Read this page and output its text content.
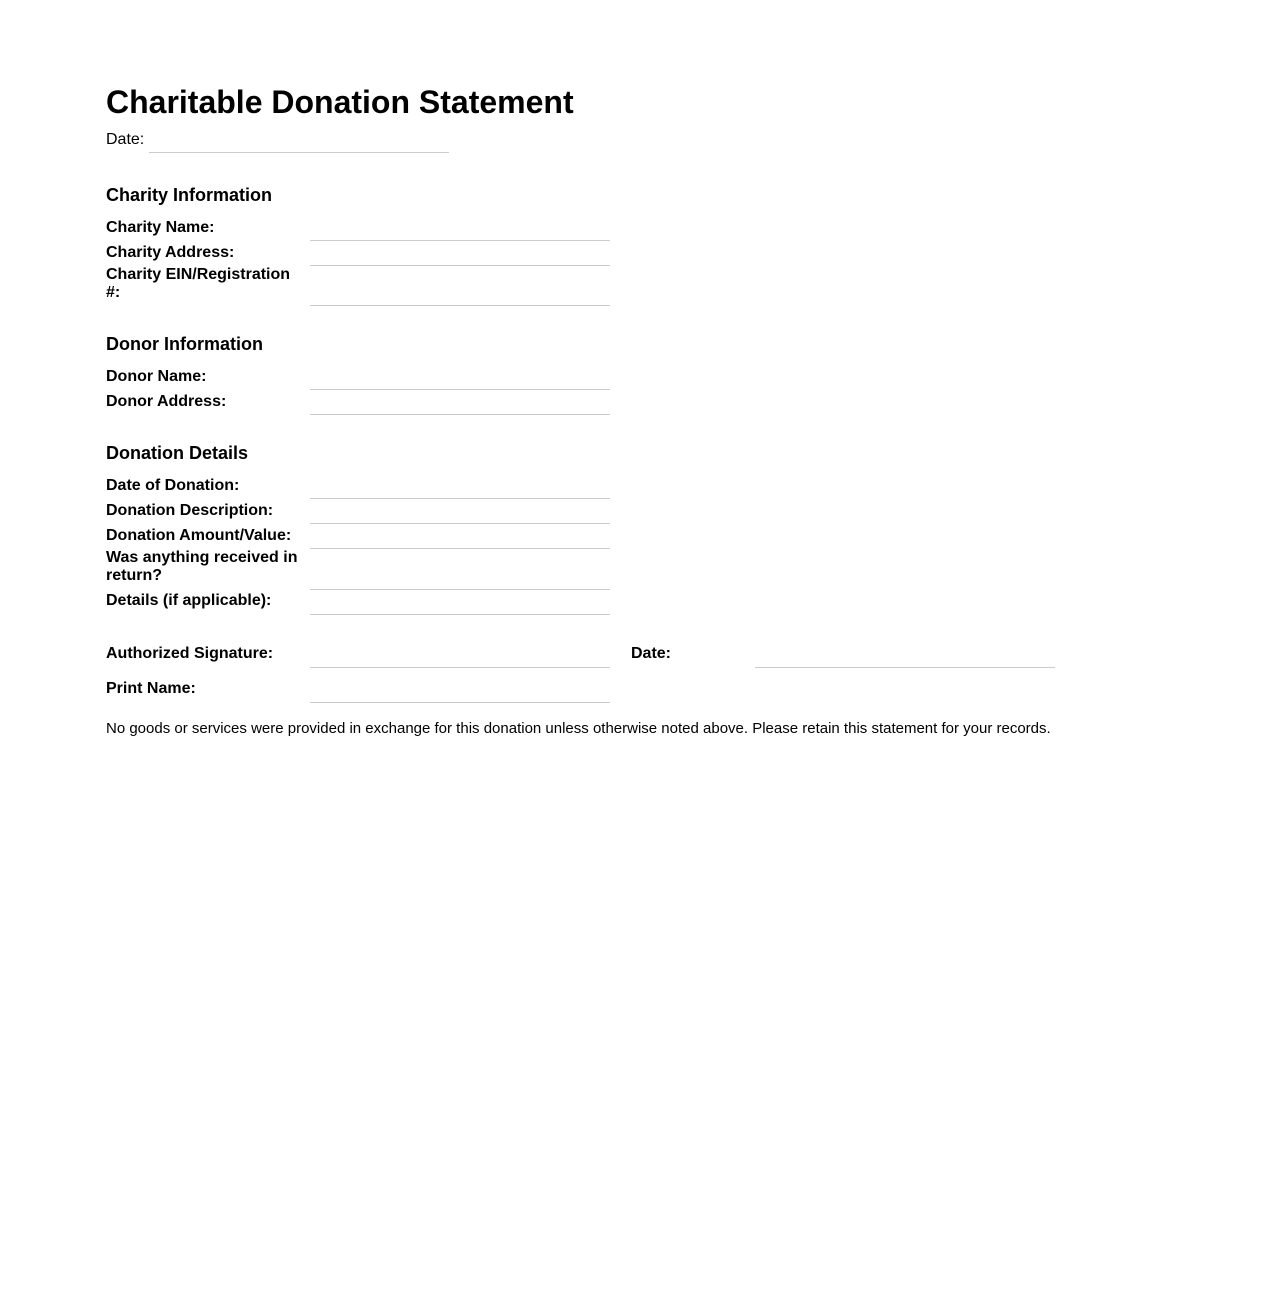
Charitable Donation Statement
Date:
Charity Information
Charity Name:
Charity Address:
Charity EIN/Registration #:
Donor Information
Donor Name:
Donor Address:
Donation Details
Date of Donation:
Donation Description:
Donation Amount/Value:
Was anything received in return?
Details (if applicable):
Authorized Signature:	Date:
Print Name:
No goods or services were provided in exchange for this donation unless otherwise noted above. Please retain this statement for your records.
